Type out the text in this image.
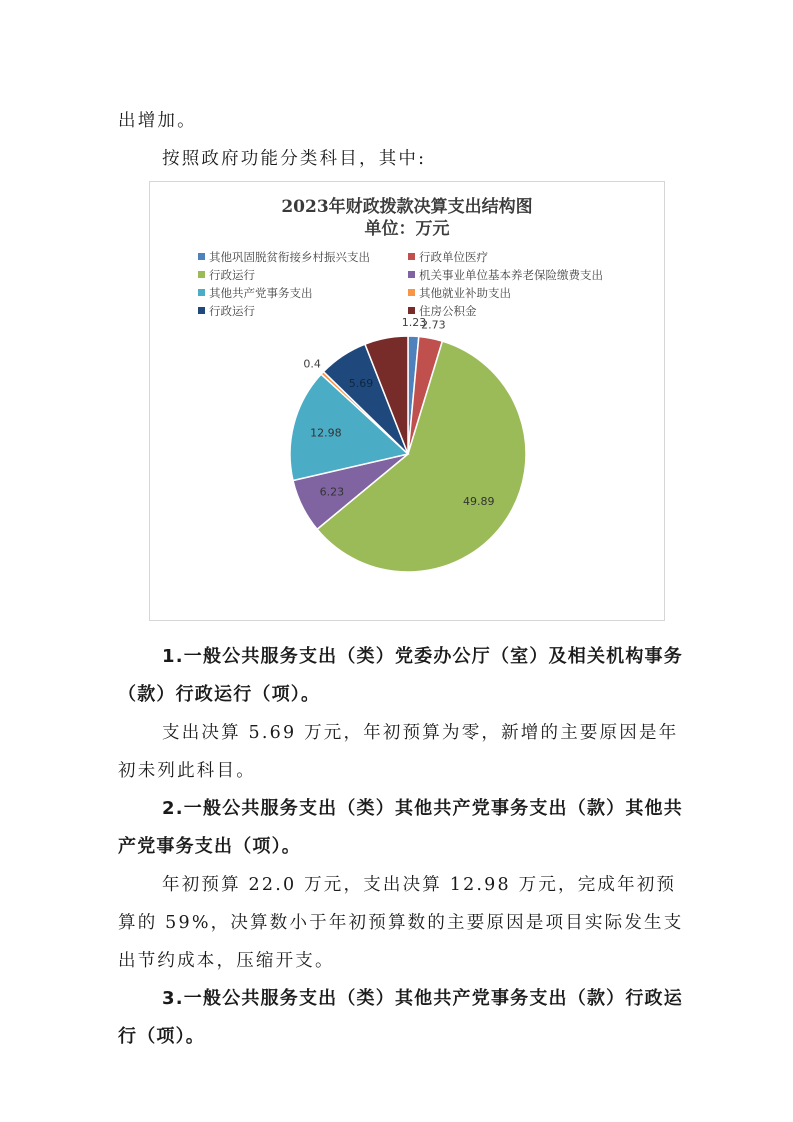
出增加。
按照政府功能分类科目，其中:
2023年财政拨款决算支出结构图
单位：万元
其他巩固脱贫衔接乡村振兴支出	行政单位医疗
行政运行	机关事业单位基本养老保险缴费支出
其他共产党事务支出	其他就业补助支出
行政运行	住房公积金
1.23
2.73
49.89
6.23
12.98
0.4
5.69
1.一般公共服务支出（类）党委办公厅（室）及相关机构事务（款）行政运行（项）。
支出决算 5.69 万元，年初预算为零，新增的主要原因是年初未列此科目。
2.一般公共服务支出（类）其他共产党事务支出（款）其他共产党事务支出（项）。
年初预算 22.0 万元，支出决算 12.98 万元，完成年初预算的 59%，决算数小于年初预算数的主要原因是项目实际发生支出节约成本，压缩开支。
3.一般公共服务支出（类）其他共产党事务支出（款）行政运行（项）。
